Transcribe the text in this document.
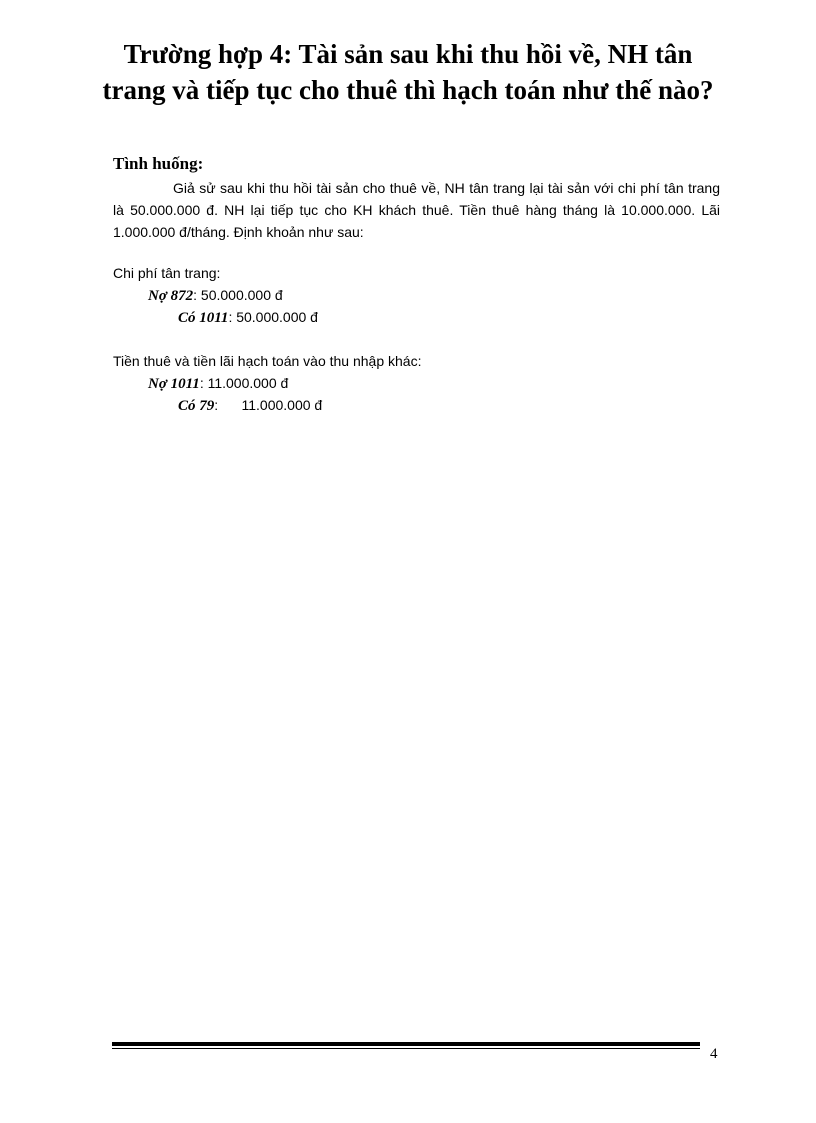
Trường hợp 4: Tài sản sau khi thu hồi về, NH tân
trang và tiếp tục cho thuê thì hạch toán như thế nào?
Tình huống:
Giả sử sau khi thu hồi tài sản cho thuê về, NH tân trang lại tài sản với chi phí tân trang là 50.000.000 đ. NH lại tiếp tục cho KH khách thuê. Tiền thuê hàng tháng là 10.000.000. Lãi 1.000.000 đ/tháng. Định khoản như sau:
Chi phí tân trang:
Nợ 872: 50.000.000 đ
Có 1011: 50.000.000 đ
Tiền thuê và tiền lãi hạch toán vào thu nhập khác:
Nợ 1011: 11.000.000 đ
Có 79:      11.000.000 đ
4
